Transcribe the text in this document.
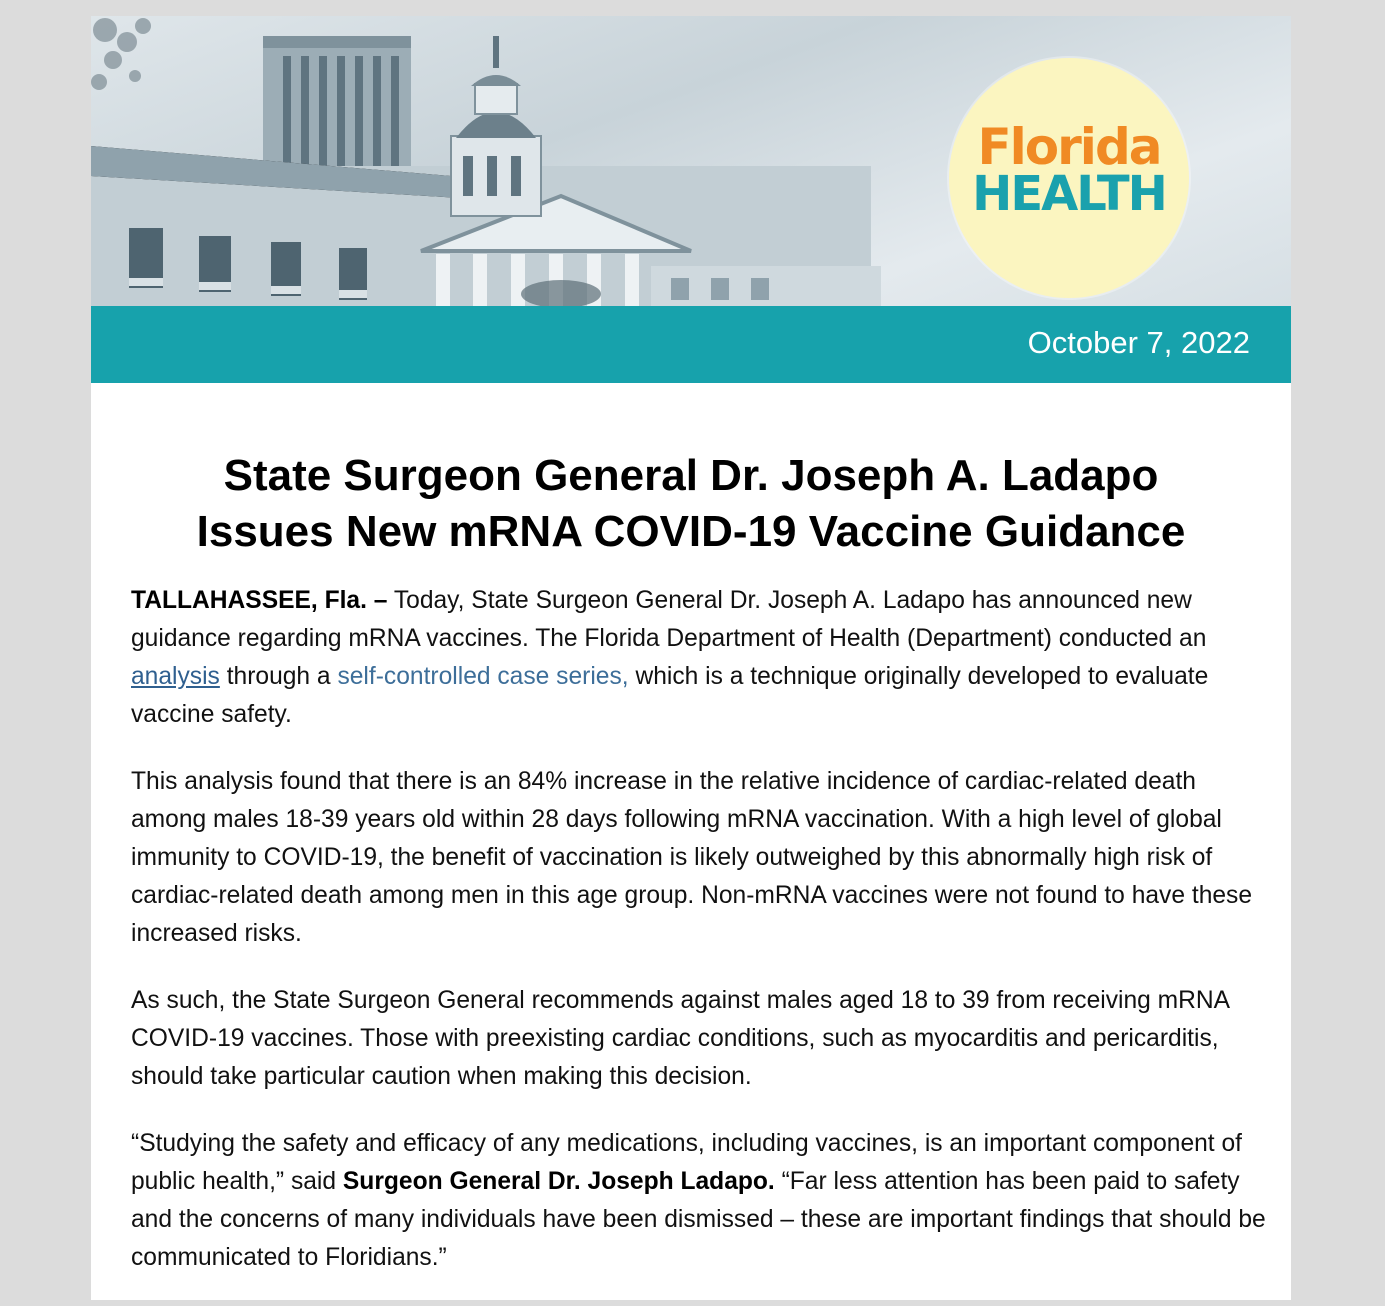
Florida
HEALTH
October 7, 2022
State Surgeon General Dr. Joseph A. Ladapo
Issues New mRNA COVID-19 Vaccine Guidance

TALLAHASSEE, Fla. – Today, State Surgeon General Dr. Joseph A. Ladapo has announced new guidance regarding mRNA vaccines. The Florida Department of Health (Department) conducted an analysis through a self-controlled case series, which is a technique originally developed to evaluate vaccine safety.

This analysis found that there is an 84% increase in the relative incidence of cardiac-related death among males 18-39 years old within 28 days following mRNA vaccination. With a high level of global immunity to COVID-19, the benefit of vaccination is likely outweighed by this abnormally high risk of cardiac-related death among men in this age group. Non-mRNA vaccines were not found to have these increased risks.

As such, the State Surgeon General recommends against males aged 18 to 39 from receiving mRNA COVID-19 vaccines. Those with preexisting cardiac conditions, such as myocarditis and pericarditis, should take particular caution when making this decision.

“Studying the safety and efficacy of any medications, including vaccines, is an important component of public health,” said Surgeon General Dr. Joseph Ladapo. “Far less attention has been paid to safety and the concerns of many individuals have been dismissed – these are important findings that should be communicated to Floridians.”
